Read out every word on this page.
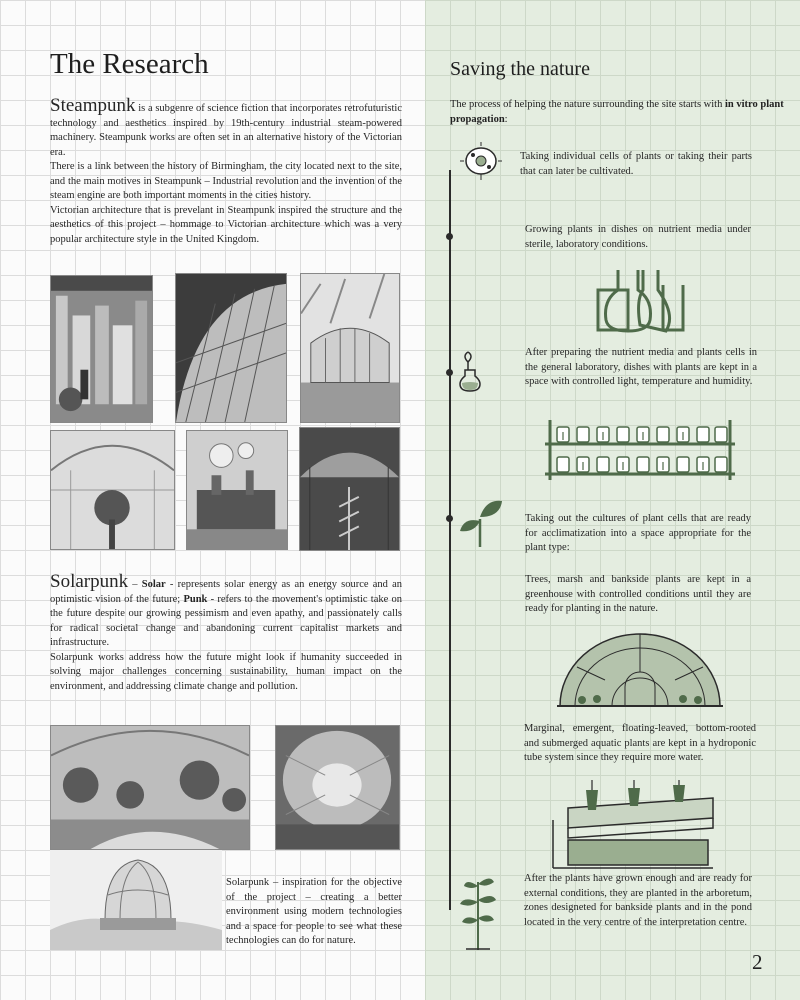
The Research

Steampunk is a subgenre of science fiction that incorporates retrofuturistic technology and aesthetics inspired by 19th-century industrial steam-powered machinery. Steampunk works are often set in an alternative history of the Victorian era.

There is a link between the history of Birmingham, the city located next to the site, and the main motives in Steampunk – Industrial revolution and the invention of the steam engine are both important moments in the cities history.

Victorian architecture that is prevelant in Steampunk inspired the structure and the aesthetics of this project – hommage to Victorian architecture which was a very popular architecture style in the United Kingdom.

Solarpunk – Solar - represents solar energy as an energy source and an optimistic vision of the future; Punk - refers to the movement's optimistic take on the future despite our growing pessimism and even apathy, and passionately calls for radical societal change and abandoning current capitalist markets and infrastructure.

Solarpunk works address how the future might look if humanity succeeded in solving major challenges concerning sustainability, human impact on the environment, and addressing climate change and pollution.

Solarpunk – inspiration for the objective of the project – creating a better environment using modern technologies and a space for people to see what these technologies can do for nature.

Saving the nature

The process of helping the nature surrounding the site starts with in vitro plant propagation:

Taking individual cells of plants or taking their parts that can later be cultivated.

Growing plants in dishes on nutrient media under sterile, laboratory conditions.

After preparing the nutrient media and plants cells in the general laboratory, dishes with plants are kept in a space with controlled light, temperature and humidity.

Taking out the cultures of plant cells that are ready for acclimatization into a space appropriate for the plant type:

Trees, marsh and bankside plants are kept in a greenhouse with controlled conditions until they are ready for planting in the nature.

Marginal, emergent, floating-leaved, bottom-rooted and submerged aquatic plants are kept in a hydroponic tube system since they require more water.

After the plants have grown enough and are ready for external conditions, they are planted in the arboretum, zones designeted for bankside plants and in the pond located in the very centre of the interpretation centre.

2
